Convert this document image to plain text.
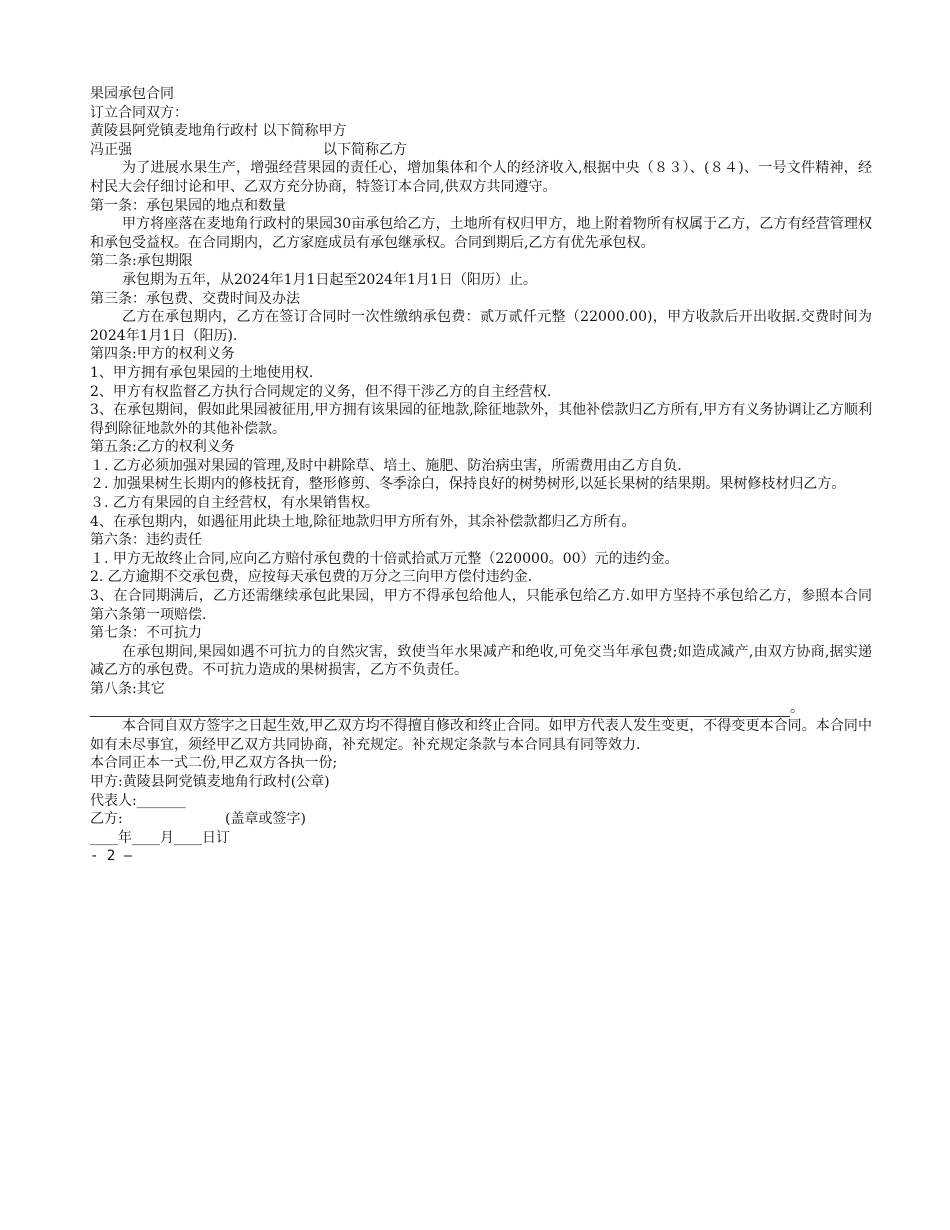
果园承包合同
订立合同双方：
黄陵县阿党镇麦地角行政村 以下简称甲方
冯正强	以下简称乙方
为了进展水果生产，增强经营果园的责任心，增加集体和个人的经济收入,根据中央（８３）、(８４)、一号文件精神，经村民大会仔细讨论和甲、乙双方充分协商，特签订本合同,供双方共同遵守。
第一条：承包果园的地点和数量
甲方将座落在麦地角行政村的果园30亩承包给乙方，土地所有权归甲方，地上附着物所有权属于乙方，乙方有经营管理权和承包受益权。在合同期内，乙方家庭成员有承包继承权。合同到期后,乙方有优先承包权。
第二条:承包期限
承包期为五年，从2024年1月1日起至2024年1月1日（阳历）止。
第三条：承包费、交费时间及办法
乙方在承包期内，乙方在签订合同时一次性缴纳承包费：贰万贰仟元整（22000.00)，甲方收款后开出收据.交费时间为2024年1月1日（阳历).
第四条:甲方的权利义务
1、甲方拥有承包果园的土地使用权.
2、甲方有权监督乙方执行合同规定的义务，但不得干涉乙方的自主经营权.
3、在承包期间，假如此果园被征用,甲方拥有该果园的征地款,除征地款外，其他补偿款归乙方所有,甲方有义务协调让乙方顺利得到除征地款外的其他补偿款。
第五条:乙方的权利义务
１. 乙方必须加强对果园的管理,及时中耕除草、培土、施肥、防治病虫害，所需费用由乙方自负.
２. 加强果树生长期内的修枝抚育，整形修剪、冬季涂白，保持良好的树势树形,以延长果树的结果期。果树修枝材归乙方。
３. 乙方有果园的自主经营权，有水果销售权。
4、在承包期内，如遇征用此块土地,除征地款归甲方所有外，其余补偿款都归乙方所有。
第六条：违约责任
１. 甲方无故终止合同,应向乙方赔付承包费的十倍贰拾贰万元整（220000。00）元的违约金。
2. 乙方逾期不交承包费，应按每天承包费的万分之三向甲方偿付违约金.
3、在合同期满后，乙方还需继续承包此果园，甲方不得承包给他人，只能承包给乙方.如甲方坚持不承包给乙方，参照本合同第六条第一项赔偿.
第七条：不可抗力
在承包期间,果园如遇不可抗力的自然灾害，致使当年水果减产和绝收,可免交当年承包费;如造成减产,由双方协商,据实递减乙方的承包费。不可抗力造成的果树损害，乙方不负责任。
第八条:其它
。
本合同自双方签字之日起生效,甲乙双方均不得擅自修改和终止合同。如甲方代表人发生变更，不得变更本合同。本合同中如有未尽事宜，须经甲乙双方共同协商，补充规定。补充规定条款与本合同具有同等效力.
本合同正本一式二份,甲乙双方各执一份;
甲方:黄陵县阿党镇麦地角行政村(公章)
代表人:_______
乙方:	(盖章或签字)
____年____月____日订
- 2 —
